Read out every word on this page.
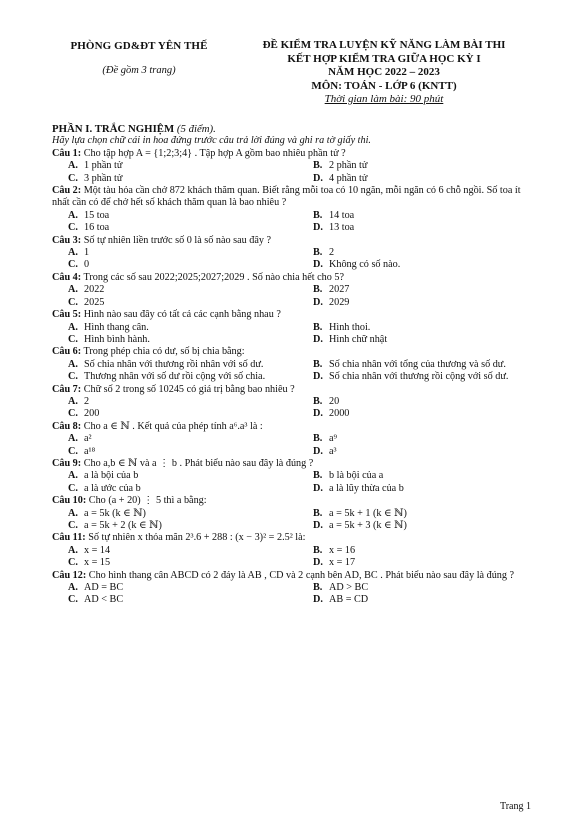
PHÒNG GD&ĐT YÊN THẾ
(Đề gồm 3 trang)
ĐỀ KIỂM TRA LUYỆN KỸ NĂNG LÀM BÀI THI
KẾT HỢP KIỂM TRA GIỮA HỌC KỲ I
NĂM HỌC 2022 – 2023
MÔN: TOÁN - LỚP 6 (KNTT)
Thời gian làm bài: 90 phút
PHẦN I. TRẮC NGHIỆM (5 điểm).
Hãy lựa chọn chữ cái in hoa đứng trước câu trả lời đúng và ghi ra tờ giấy thi.
Câu 1: Cho tập hợp A = {1;2;3;4} . Tập hợp A gồm bao nhiêu phần tử ?
A. 1 phần tử	B. 2 phần tử
C. 3 phần tử	D. 4 phần tử
Câu 2: Một tàu hỏa cần chở 872 khách thăm quan. Biết rằng mỗi toa có 10 ngăn, mỗi ngăn có 6 chỗ ngồi. Số toa ít nhất cần có để chở hết số khách thăm quan là bao nhiêu ?
A. 15 toa	B. 14 toa
C. 16 toa	D. 13 toa
Câu 3: Số tự nhiên liền trước số 0 là số nào sau đây ?
A. 1	B. 2
C. 0	D. Không có số nào.
Câu 4: Trong các số sau 2022;2025;2027;2029 . Số nào chia hết cho 5?
A. 2022	B. 2027
C. 2025	D. 2029
Câu 5: Hình nào sau đây có tất cả các cạnh bằng nhau ?
A. Hình thang cân.	B. Hình thoi.
C. Hình bình hành.	D. Hình chữ nhật
Câu 6: Trong phép chia có dư, số bị chia bằng:
A. Số chia nhân với thương rồi nhân với số dư.	B. Số chia nhân với tổng của thương và số dư.
C. Thương nhân với số dư rồi cộng với số chia.	D. Số chia nhân với thương rồi cộng với số dư.
Câu 7: Chữ số 2 trong số 10245 có giá trị bằng bao nhiêu ?
A. 2	B. 20
C. 200	D. 2000
Câu 8: Cho a ∈ ℕ . Kết quả của phép tính a⁶.a³ là :
A. a²	B. a⁹
C. a¹⁸	D. a³
Câu 9: Cho a,b ∈ ℕ và a ⋮ b . Phát biểu nào sau đây là đúng ?
A. a là bội của b	B. b là bội của a
C. a là ước của b	D. a là lũy thừa của b
Câu 10: Cho (a + 20) ⋮ 5 thì a bằng:
A. a = 5k (k ∈ ℕ)	B. a = 5k + 1 (k ∈ ℕ)
C. a = 5k + 2 (k ∈ ℕ)	D. a = 5k + 3 (k ∈ ℕ)
Câu 11: Số tự nhiên x thỏa mãn 2³.6 + 288 : (x − 3)² = 2.5² là:
A. x = 14	B. x = 16
C. x = 15	D. x = 17
Câu 12: Cho hình thang cân ABCD có 2 đáy là AB , CD và 2 cạnh bên AD, BC . Phát biểu nào sau đây là đúng ?
A. AD = BC	B. AD > BC
C. AD < BC	D. AB = CD
Trang 1
